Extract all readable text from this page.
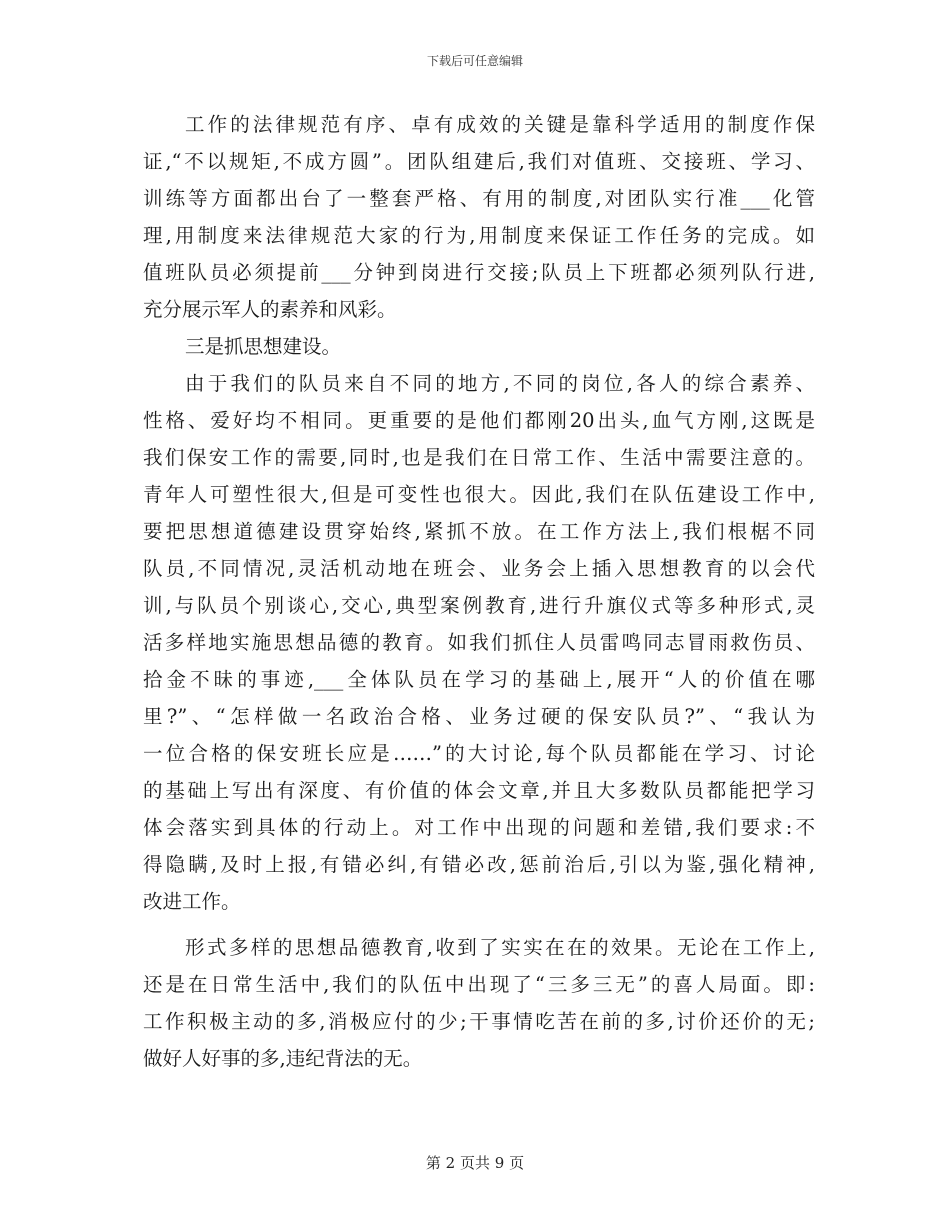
下载后可任意编辑
工作的法律规范有序、卓有成效的关键是靠科学适用的制度作保
证,“不以规矩,不成方圆”。团队组建后,我们对值班、交接班、学习、
训练等方面都出台了一整套严格、有用的制度,对团队实行准___化管
理,用制度来法律规范大家的行为,用制度来保证工作任务的完成。如
值班队员必须提前___分钟到岗进行交接;队员上下班都必须列队行进,
充分展示军人的素养和风彩。
三是抓思想建设。
由于我们的队员来自不同的地方,不同的岗位,各人的综合素养、
性格、爱好均不相同。更重要的是他们都刚20出头,血气方刚,这既是
我们保安工作的需要,同时,也是我们在日常工作、生活中需要注意的。
青年人可塑性很大,但是可变性也很大。因此,我们在队伍建设工作中,
要把思想道德建设贯穿始终,紧抓不放。在工作方法上,我们根椐不同
队员,不同情况,灵活机动地在班会、业务会上插入思想教育的以会代
训,与队员个别谈心,交心,典型案例教育,进行升旗仪式等多种形式,灵
活多样地实施思想品德的教育。如我们抓住人员雷鸣同志冒雨救伤员、
拾金不昧的事迹,___全体队员在学习的基础上,展开“人的价值在哪
里?”、“怎样做一名政治合格、业务过硬的保安队员?”、“我认为
一位合格的保安班长应是……”的大讨论,每个队员都能在学习、讨论
的基础上写出有深度、有价值的体会文章,并且大多数队员都能把学习
体会落实到具体的行动上。对工作中出现的问题和差错,我们要求:不
得隐瞒,及时上报,有错必纠,有错必改,惩前治后,引以为鉴,强化精神,
改进工作。
形式多样的思想品德教育,收到了实实在在的效果。无论在工作上,
还是在日常生活中,我们的队伍中出现了“三多三无”的喜人局面。即:
工作积极主动的多,消极应付的少;干事情吃苦在前的多,讨价还价的无;
做好人好事的多,违纪背法的无。
第 2 页共 9 页
